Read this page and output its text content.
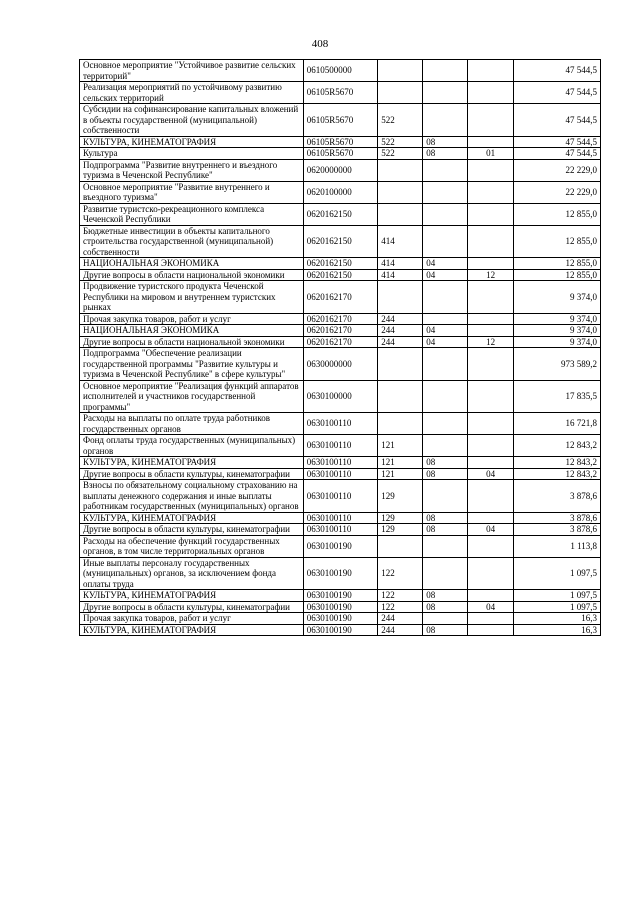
408
Основное мероприятие "Устойчивое развитие сельских территорий"	0610500000				47 544,5
Реализация мероприятий по устойчивому развитию сельских территорий	06105R5670				47 544,5
Субсидии на софинансирование капитальных вложений в объекты государственной (муниципальной) собственности	06105R5670	522			47 544,5
КУЛЬТУРА, КИНЕМАТОГРАФИЯ	06105R5670	522	08		47 544,5
Культура	06105R5670	522	08	01	47 544,5
Подпрограмма "Развитие внутреннего и въездного туризма в Чеченской Республике"	0620000000				22 229,0
Основное мероприятие "Развитие внутреннего и въездного туризма"	0620100000				22 229,0
Развитие туристско-рекреационного комплекса Чеченской Республики	0620162150				12 855,0
Бюджетные инвестиции в объекты капитального строительства государственной (муниципальной) собственности	0620162150	414			12 855,0
НАЦИОНАЛЬНАЯ ЭКОНОМИКА	0620162150	414	04		12 855,0
Другие вопросы в области национальной экономики	0620162150	414	04	12	12 855,0
Продвижение туристского продукта Чеченской Республики на мировом и внутреннем туристских рынках	0620162170				9 374,0
Прочая закупка товаров, работ и услуг	0620162170	244			9 374,0
НАЦИОНАЛЬНАЯ ЭКОНОМИКА	0620162170	244	04		9 374,0
Другие вопросы в области национальной экономики	0620162170	244	04	12	9 374,0
Подпрограмма "Обеспечение реализации государственной программы "Развитие культуры и туризма в Чеченской Республике" в сфере культуры"	0630000000				973 589,2
Основное мероприятие "Реализация функций аппаратов исполнителей и участников государственной программы"	0630100000				17 835,5
Расходы на выплаты по оплате труда работников государственных органов	0630100110				16 721,8
Фонд оплаты труда государственных (муниципальных) органов	0630100110	121			12 843,2
КУЛЬТУРА, КИНЕМАТОГРАФИЯ	0630100110	121	08		12 843,2
Другие вопросы в области культуры, кинематографии	0630100110	121	08	04	12 843,2
Взносы по обязательному социальному страхованию на выплаты денежного содержания и иные выплаты работникам государственных (муниципальных) органов	0630100110	129			3 878,6
КУЛЬТУРА, КИНЕМАТОГРАФИЯ	0630100110	129	08		3 878,6
Другие вопросы в области культуры, кинематографии	0630100110	129	08	04	3 878,6
Расходы на обеспечение функций государственных органов, в том числе территориальных органов	0630100190				1 113,8
Иные выплаты персоналу государственных (муниципальных) органов, за исключением фонда оплаты труда	0630100190	122			1 097,5
КУЛЬТУРА, КИНЕМАТОГРАФИЯ	0630100190	122	08		1 097,5
Другие вопросы в области культуры, кинематографии	0630100190	122	08	04	1 097,5
Прочая закупка товаров, работ и услуг	0630100190	244			16,3
КУЛЬТУРА, КИНЕМАТОГРАФИЯ	0630100190	244	08		16,3
